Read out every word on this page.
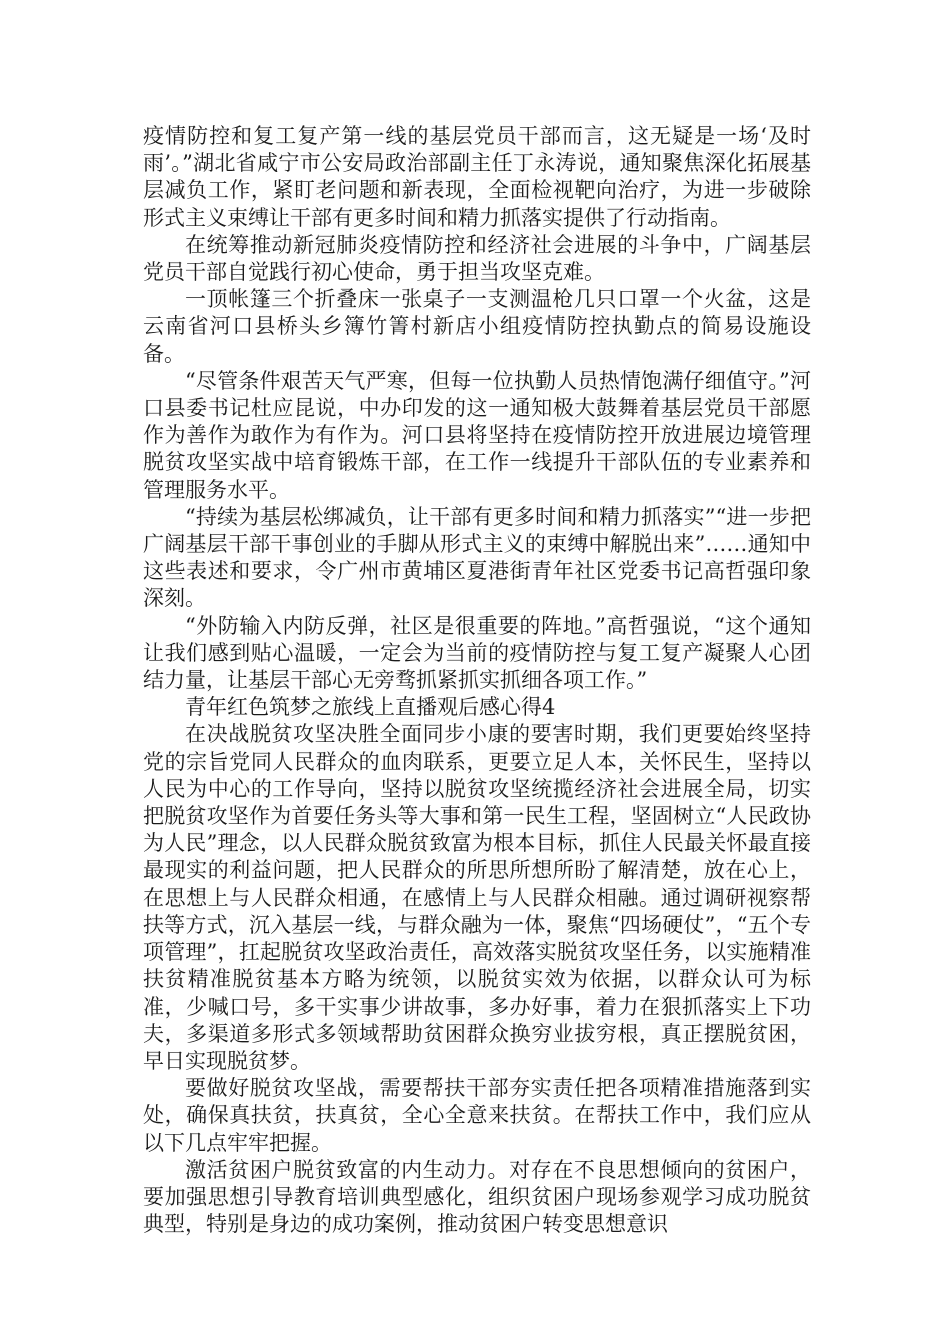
疫情防控和复工复产第一线的基层党员干部而言，这无疑是一场‘及时雨’。”湖北省咸宁市公安局政治部副主任丁永涛说，通知聚焦深化拓展基层减负工作，紧盯老问题和新表现，全面检视靶向治疗，为进一步破除形式主义束缚让干部有更多时间和精力抓落实提供了行动指南。

在统筹推动新冠肺炎疫情防控和经济社会进展的斗争中，广阔基层党员干部自觉践行初心使命，勇于担当攻坚克难。

一顶帐篷三个折叠床一张桌子一支测温枪几只口罩一个火盆，这是云南省河口县桥头乡簿竹箐村新店小组疫情防控执勤点的简易设施设备。

“尽管条件艰苦天气严寒，但每一位执勤人员热情饱满仔细值守。”河口县委书记杜应昆说，中办印发的这一通知极大鼓舞着基层党员干部愿作为善作为敢作为有作为。河口县将坚持在疫情防控开放进展边境管理脱贫攻坚实战中培育锻炼干部，在工作一线提升干部队伍的专业素养和管理服务水平。

“持续为基层松绑减负，让干部有更多时间和精力抓落实”“进一步把广阔基层干部干事创业的手脚从形式主义的束缚中解脱出来”……通知中这些表述和要求，令广州市黄埔区夏港街青年社区党委书记高哲强印象深刻。

“外防输入内防反弹，社区是很重要的阵地。”高哲强说，“这个通知让我们感到贴心温暖，一定会为当前的疫情防控与复工复产凝聚人心团结力量，让基层干部心无旁骛抓紧抓实抓细各项工作。”

青年红色筑梦之旅线上直播观后感心得4

在决战脱贫攻坚决胜全面同步小康的要害时期，我们更要始终坚持党的宗旨党同人民群众的血肉联系，更要立足人本，关怀民生，坚持以人民为中心的工作导向，坚持以脱贫攻坚统揽经济社会进展全局，切实把脱贫攻坚作为首要任务头等大事和第一民生工程，坚固树立“人民政协为人民”理念，以人民群众脱贫致富为根本目标，抓住人民最关怀最直接最现实的利益问题，把人民群众的所思所想所盼了解清楚，放在心上，在思想上与人民群众相通，在感情上与人民群众相融。通过调研视察帮扶等方式，沉入基层一线，与群众融为一体，聚焦“四场硬仗”，“五个专项管理”，扛起脱贫攻坚政治责任，高效落实脱贫攻坚任务，以实施精准扶贫精准脱贫基本方略为统领，以脱贫实效为依据，以群众认可为标准，少喊口号，多干实事少讲故事，多办好事，着力在狠抓落实上下功夫，多渠道多形式多领域帮助贫困群众换穷业拔穷根，真正摆脱贫困，早日实现脱贫梦。

要做好脱贫攻坚战，需要帮扶干部夯实责任把各项精准措施落到实处，确保真扶贫，扶真贫，全心全意来扶贫。在帮扶工作中，我们应从以下几点牢牢把握。

激活贫困户脱贫致富的内生动力。对存在不良思想倾向的贫困户，要加强思想引导教育培训典型感化，组织贫困户现场参观学习成功脱贫典型，特别是身边的成功案例，推动贫困户转变思想意识
